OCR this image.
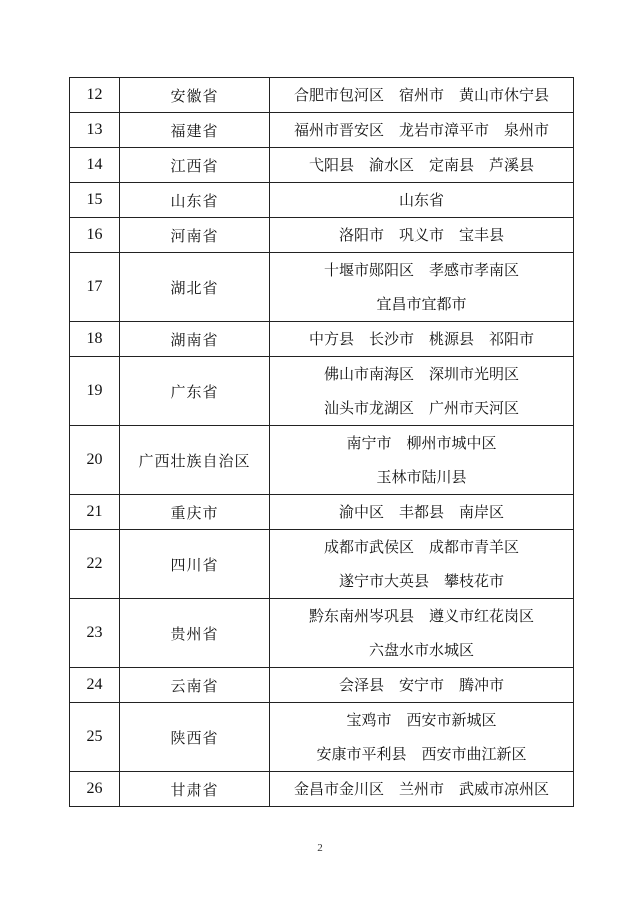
12	安徽省	合肥市包河区　宿州市　黄山市休宁县

13	福建省	福州市晋安区　龙岩市漳平市　泉州市

14	江西省	弋阳县　渝水区　定南县　芦溪县

15	山东省	山东省

16	河南省	洛阳市　巩义市　宝丰县

17	湖北省	十堰市郧阳区　孝感市孝南区
宜昌市宜都市

18	湖南省	中方县　长沙市　桃源县　祁阳市

19	广东省	佛山市南海区　深圳市光明区
汕头市龙湖区　广州市天河区

20	广西壮族自治区	南宁市　柳州市城中区
玉林市陆川县

21	重庆市	渝中区　丰都县　南岸区

22	四川省	成都市武侯区　成都市青羊区
遂宁市大英县　攀枝花市

23	贵州省	黔东南州岑巩县　遵义市红花岗区
六盘水市水城区

24	云南省	会泽县　安宁市　腾冲市

25	陕西省	宝鸡市　西安市新城区
安康市平利县　西安市曲江新区

26	甘肃省	金昌市金川区　兰州市　武威市凉州区
2
